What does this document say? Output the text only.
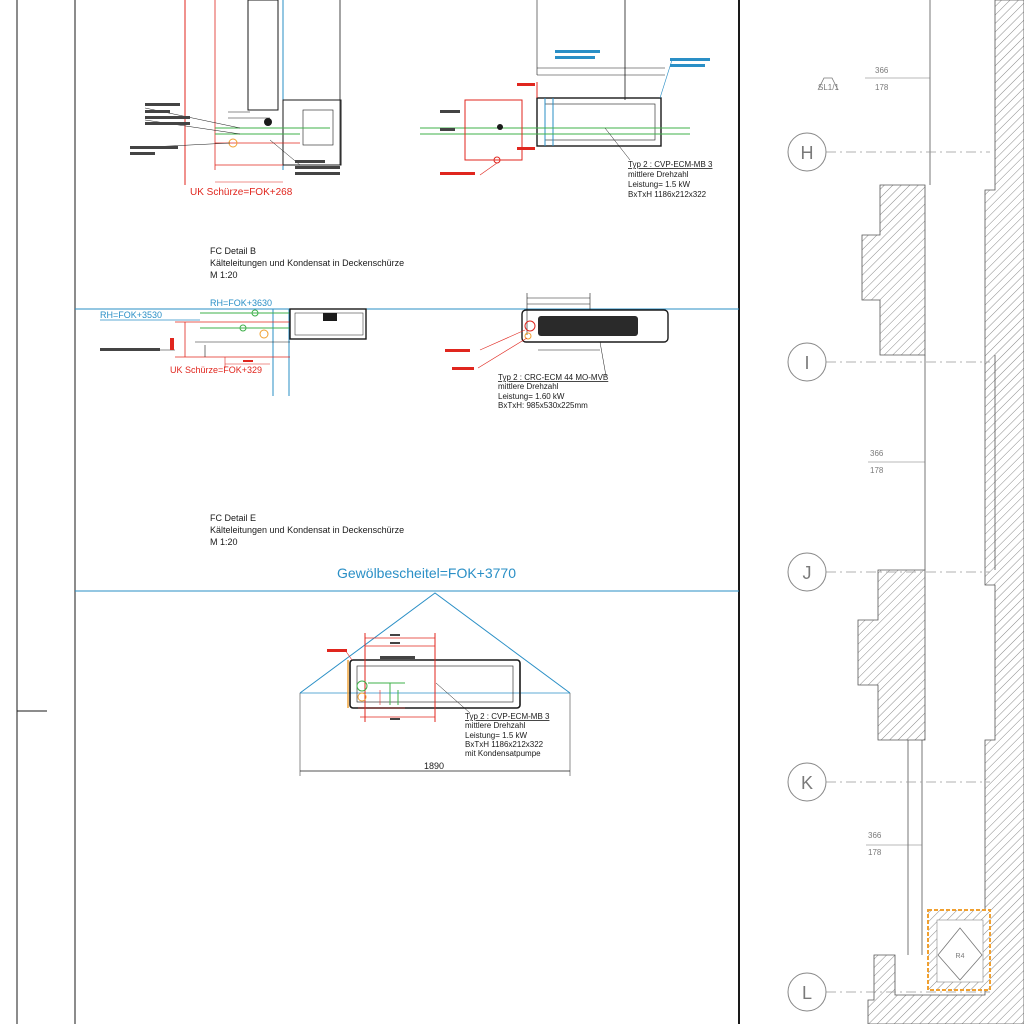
UK Schürze=FOK+268
Typ 2 : CVP-ECM-MB 3
mittlere Drehzahl
Leistung= 1.5 kW
BxTxH 1186x212x322
FC Detail B
Kälteleitungen und Kondensat in Deckenschürze
M 1:20
RH=FOK+3530
RH=FOK+3630
UK Schürze=FOK+329
Typ 2 : CRC-ECM 44 MO-MVB
mittlere Drehzahl
Leistung= 1.60 kW
BxTxH: 985x530x225mm
FC Detail E
Kälteleitungen und Kondensat in Deckenschürze
M 1:20
Gewölbescheitel=FOK+3770
Typ 2 : CVP-ECM-MB 3
mittlere Drehzahl
Leistung= 1.5 kW
BxTxH 1186x212x322
mit Kondensatpumpe
1890
SL1/1
366
178
366
178
366
178
H
I
J
K
L
R4
